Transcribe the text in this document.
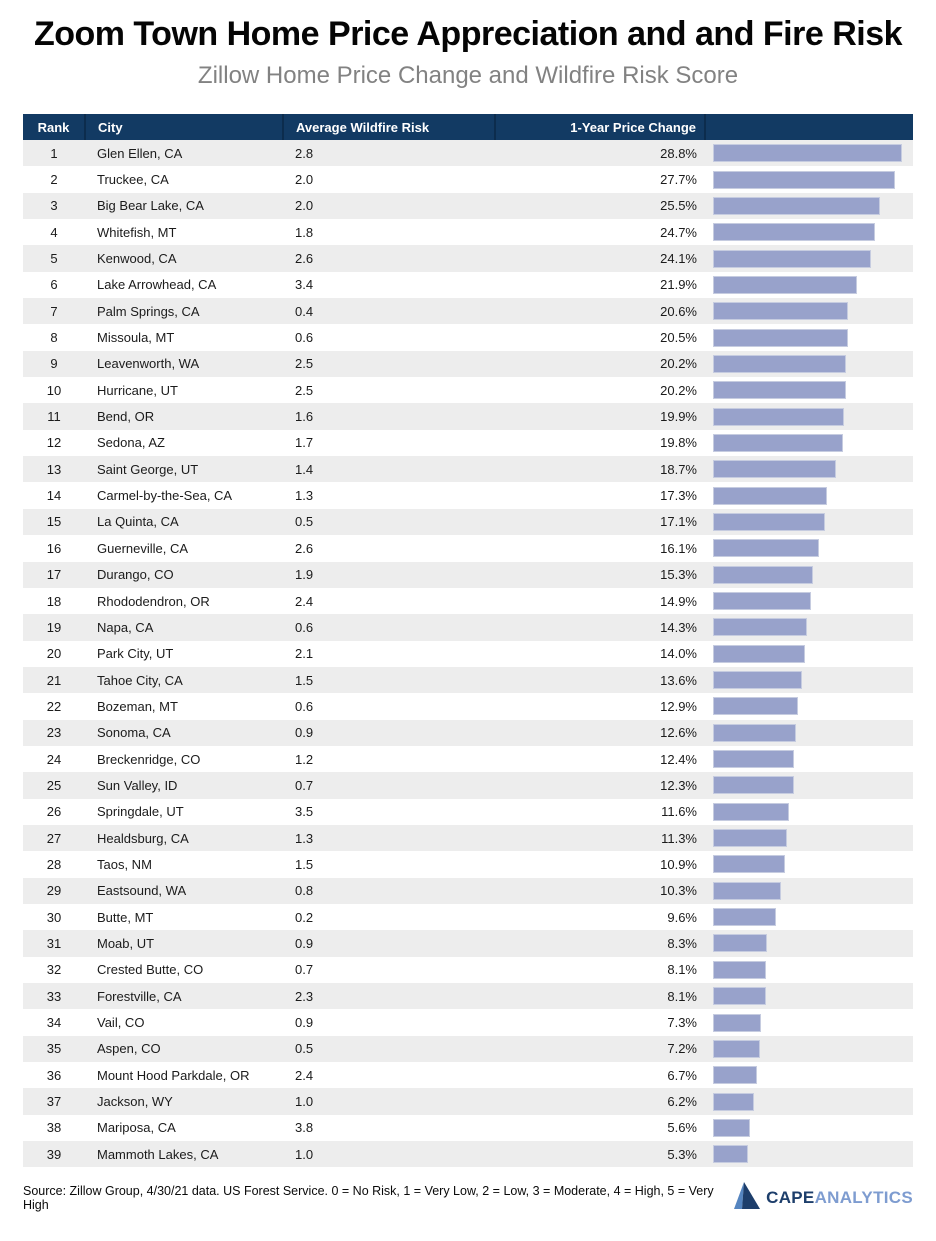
Zoom Town Home Price Appreciation and and Fire Risk
Zillow Home Price Change and Wildfire Risk Score
Rank	City	Average Wildfire Risk	1-Year Price Change	
1	Glen Ellen, CA	2.8	28.8%	

2	Truckee, CA	2.0	27.7%	

3	Big Bear Lake, CA	2.0	25.5%	

4	Whitefish, MT	1.8	24.7%	

5	Kenwood, CA	2.6	24.1%	

6	Lake Arrowhead, CA	3.4	21.9%	

7	Palm Springs, CA	0.4	20.6%	

8	Missoula, MT	0.6	20.5%	

9	Leavenworth, WA	2.5	20.2%	

10	Hurricane, UT	2.5	20.2%	

11	Bend, OR	1.6	19.9%	

12	Sedona, AZ	1.7	19.8%	

13	Saint George, UT	1.4	18.7%	

14	Carmel-by-the-Sea, CA	1.3	17.3%	

15	La Quinta, CA	0.5	17.1%	

16	Guerneville, CA	2.6	16.1%	

17	Durango, CO	1.9	15.3%	

18	Rhododendron, OR	2.4	14.9%	

19	Napa, CA	0.6	14.3%	

20	Park City, UT	2.1	14.0%	

21	Tahoe City, CA	1.5	13.6%	

22	Bozeman, MT	0.6	12.9%	

23	Sonoma, CA	0.9	12.6%	

24	Breckenridge, CO	1.2	12.4%	

25	Sun Valley, ID	0.7	12.3%	

26	Springdale, UT	3.5	11.6%	

27	Healdsburg, CA	1.3	11.3%	

28	Taos, NM	1.5	10.9%	

29	Eastsound, WA	0.8	10.3%	

30	Butte, MT	0.2	9.6%	

31	Moab, UT	0.9	8.3%	

32	Crested Butte, CO	0.7	8.1%	

33	Forestville, CA	2.3	8.1%	

34	Vail, CO	0.9	7.3%	

35	Aspen, CO	0.5	7.2%	

36	Mount Hood Parkdale, OR	2.4	6.7%	

37	Jackson, WY	1.0	6.2%	

38	Mariposa, CA	3.8	5.6%	

39	Mammoth Lakes, CA	1.0	5.3%	
Source: Zillow Group, 4/30/21 data. US Forest Service. 0 = No Risk, 1 = Very Low, 2 = Low, 3 = Moderate, 4 = High, 5 = Very High	CAPEANALYTICS
